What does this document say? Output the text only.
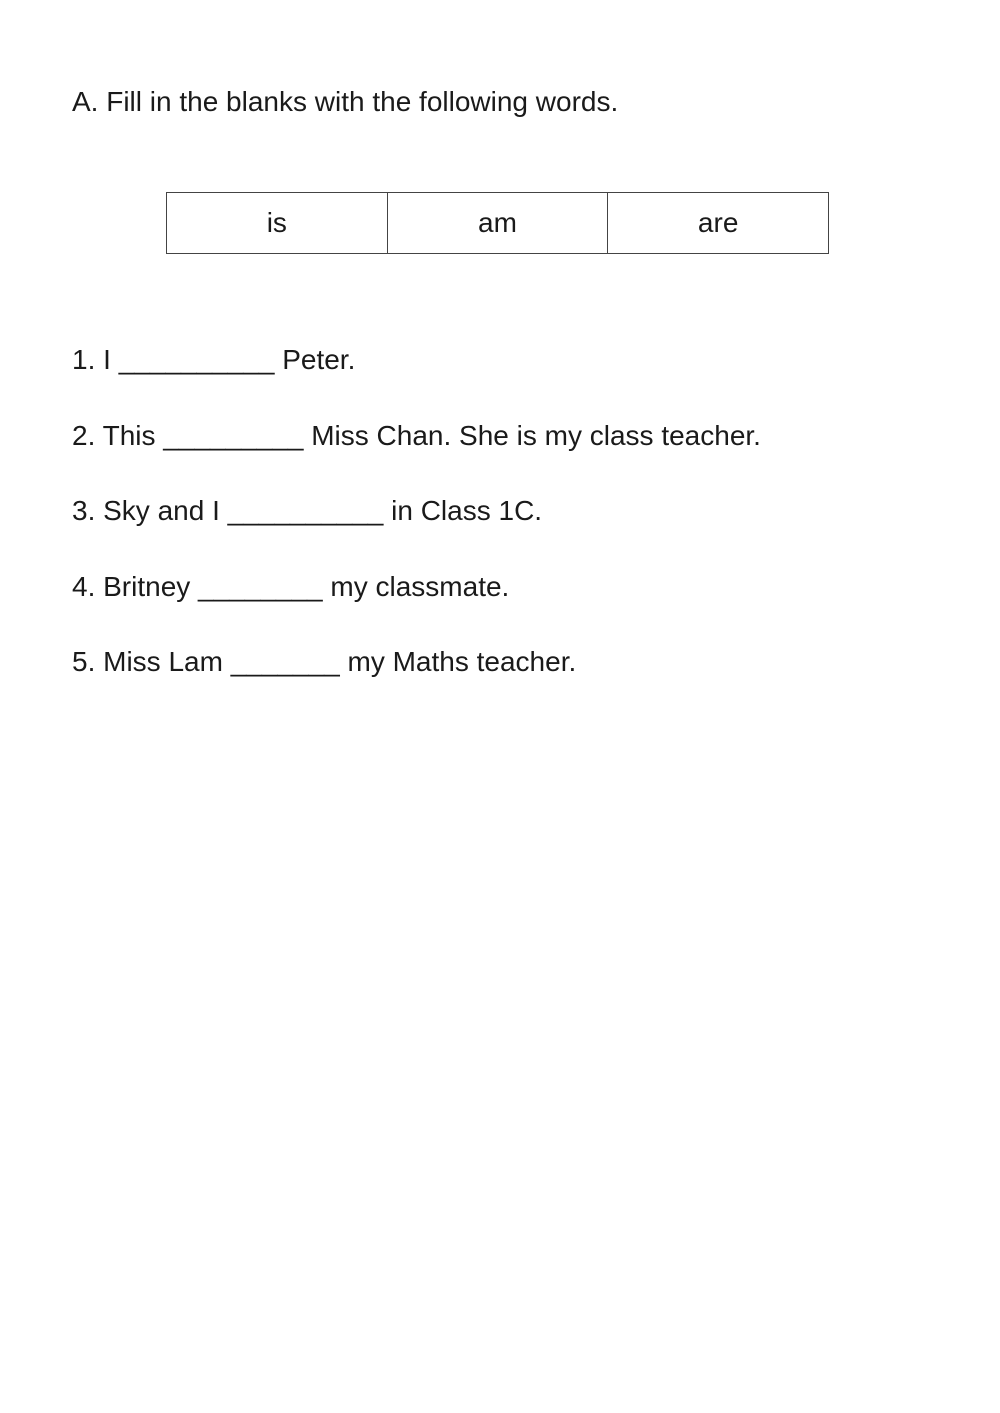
A. Fill in the blanks with the following words.
is	am	are
1. I __________ Peter.
2. This _________ Miss Chan. She is my class teacher.
3. Sky and I __________ in Class 1C.
4. Britney ________ my classmate.
5. Miss Lam _______ my Maths teacher.
